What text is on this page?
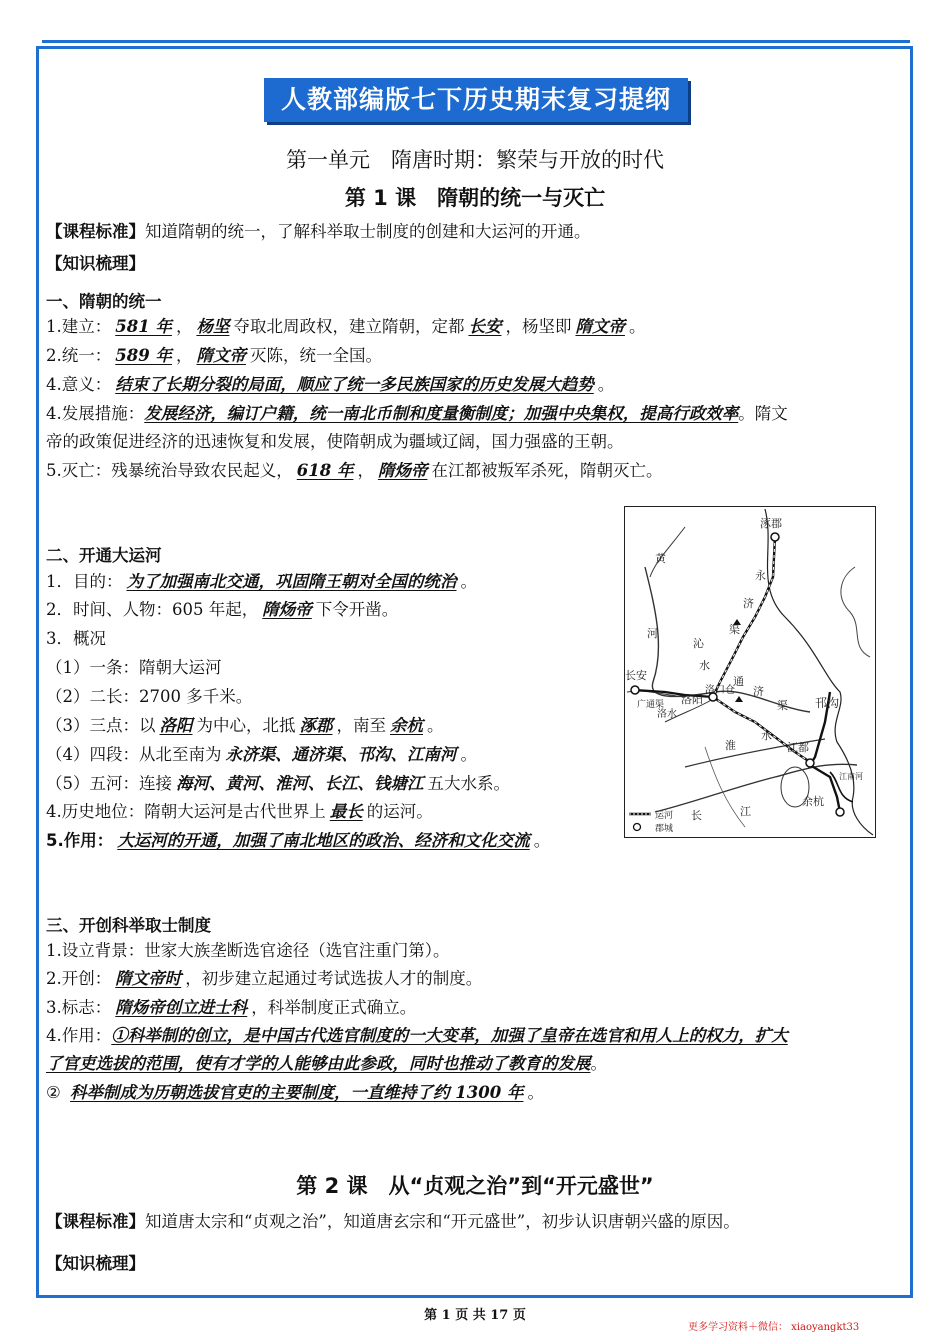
人教部编版七下历史期末复习提纲
第一单元　隋唐时期：繁荣与开放的时代
第 1 课　隋朝的统一与灭亡
【课程标准】知道隋朝的统一，了解科举取士制度的创建和大运河的开通。
【知识梳理】
一、隋朝的统一
1.建立： 581 年 ， 杨坚 夺取北周政权，建立隋朝，定都 长安 ，杨坚即 隋文帝 。
2.统一： 589 年 ， 隋文帝 灭陈，统一全国。
4.意义： 结束了长期分裂的局面，顺应了统一多民族国家的历史发展大趋势 。
4.发展措施：发展经济，编订户籍，统一南北币制和度量衡制度；加强中央集权，提高行政效率。隋文
帝的政策促进经济的迅速恢复和发展，使隋朝成为疆域辽阔，国力强盛的王朝。
5.灭亡：残暴统治导致农民起义， 618 年 ， 隋炀帝 在江都被叛军杀死，隋朝灭亡。
二、开通大运河
1．目的： 为了加强南北交通，巩固隋王朝对全国的统治 。
2．时间、人物：605 年起， 隋炀帝 下令开凿。
3．概况
（1）一条：隋朝大运河
（2）二长：2700 多千米。
（3）三点：以 洛阳 为中心，北抵 涿郡 ，南至 余杭 。
（4）四段：从北至南为 永济渠、通济渠、邗沟、江南河 。
（5）五河：连接 海河、黄河、淮河、长江、钱塘江 五大水系。
4.历史地位：隋朝大运河是古代世界上 最长 的运河。
5.作用： 大运河的开通，加强了南北地区的政治、经济和文化交流 。
涿郡
永
济
渠
黄
河
沁
水
通
济
渠
长安
广通渠 洛阳
洛水
洛口仓
淮
水
邗沟
江都
江南河
长	江
余杭
运河
郡城
三、开创科举取士制度
1.设立背景：世家大族垄断选官途径（选官注重门第）。
2.开创： 隋文帝时 ，初步建立起通过考试选拔人才的制度。
3.标志： 隋炀帝创立进士科 ，科举制度正式确立。
4.作用：①科举制的创立，是中国古代选官制度的一大变革，加强了皇帝在选官和用人上的权力，扩大
了官吏选拔的范围，使有才学的人能够由此参政，同时也推动了教育的发展。
② 科举制成为历朝选拔官吏的主要制度，一直维持了约 1300 年 。
第 2 课　从“贞观之治”到“开元盛世”
【课程标准】知道唐太宗和“贞观之治”，知道唐玄宗和“开元盛世”，初步认识唐朝兴盛的原因。
【知识梳理】
第 1 页 共 17 页
更多学习资料＋微信： xiaoyangkt33
